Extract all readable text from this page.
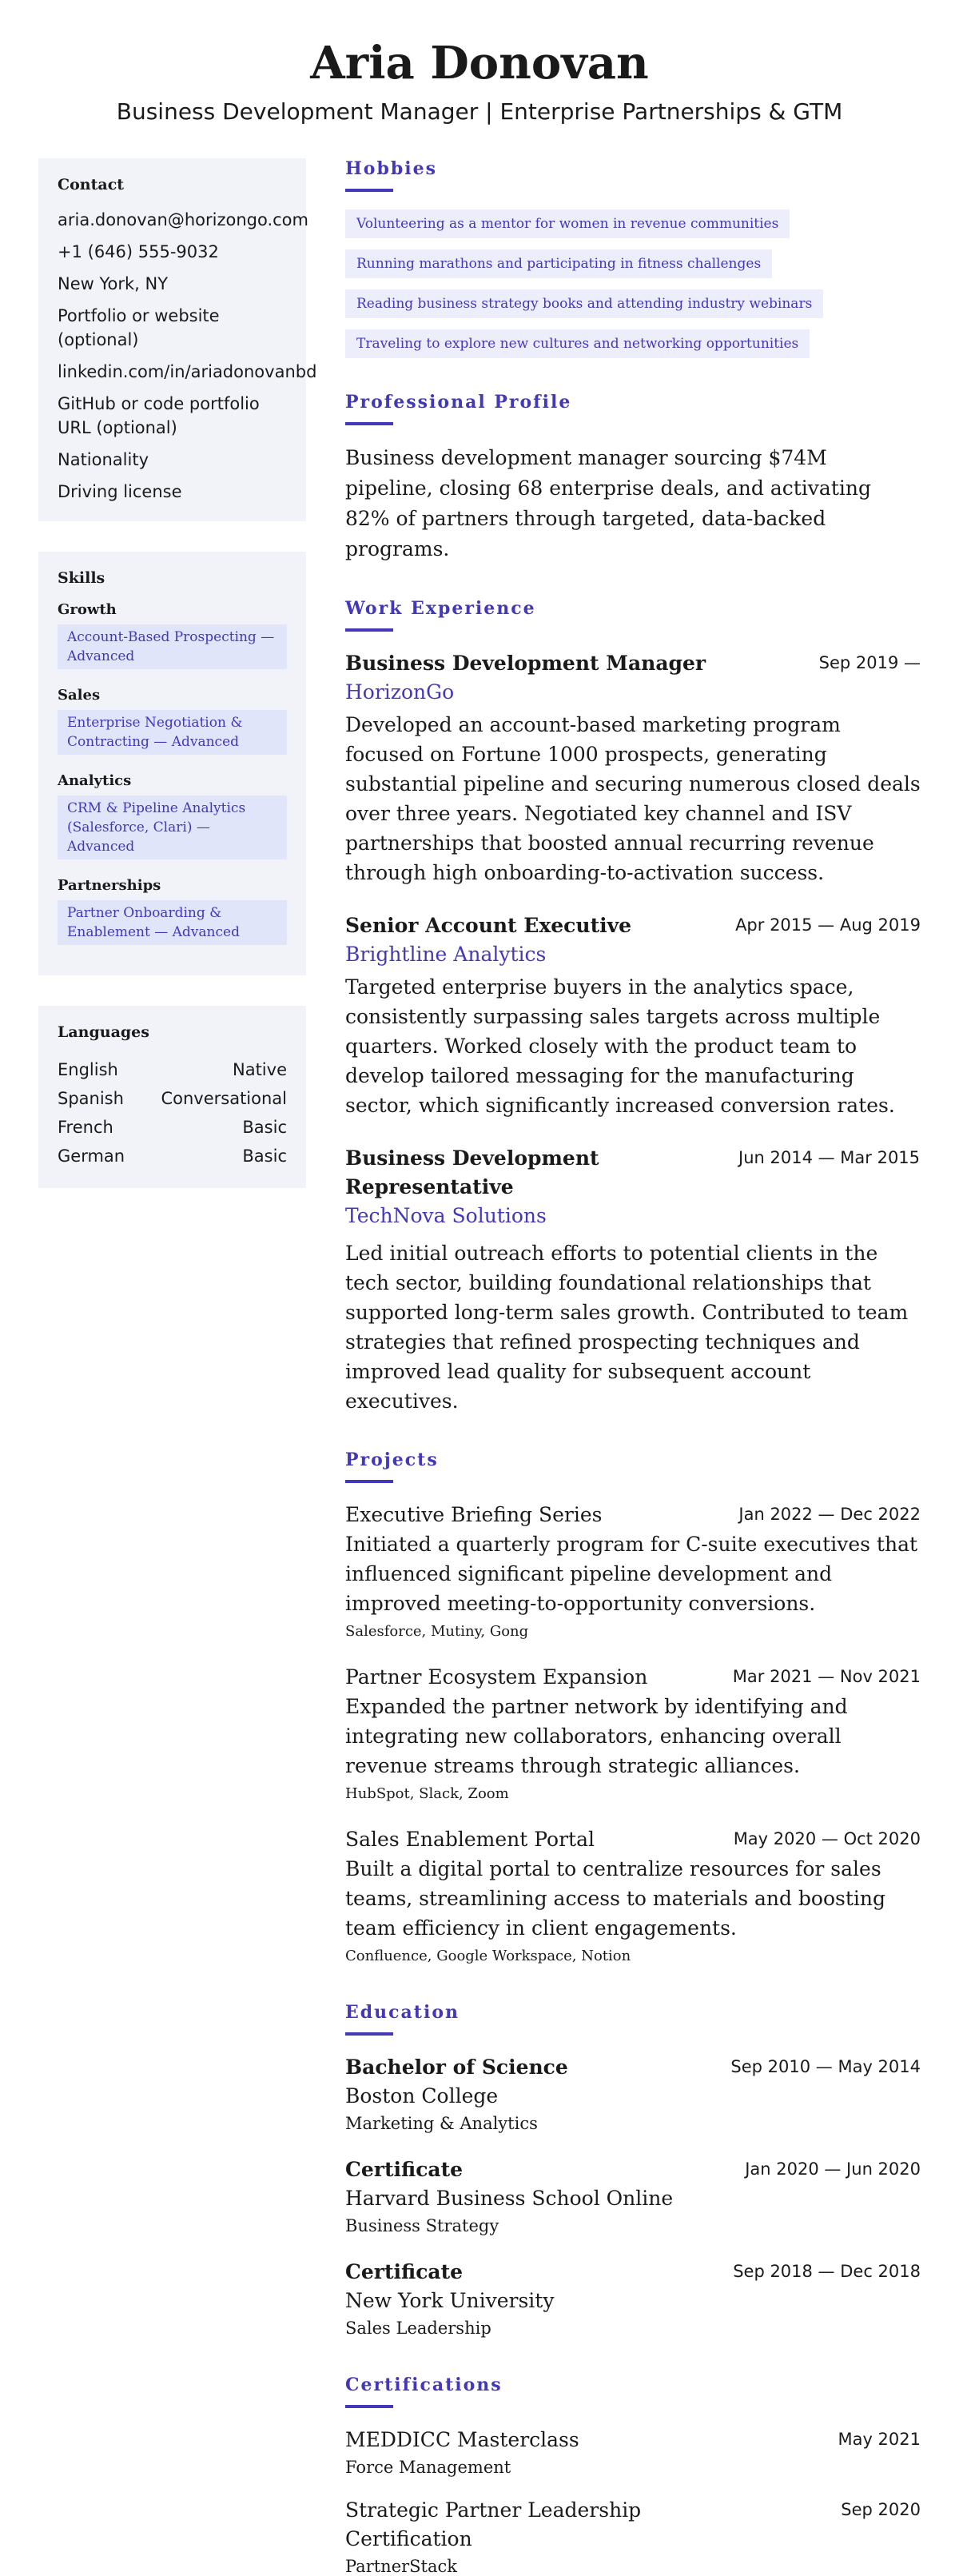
Aria Donovan
Business Development Manager | Enterprise Partnerships & GTM
Contact
aria.donovan@horizongo.com
+1 (646) 555-9032
New York, NY
Portfolio or website (optional)
linkedin.com/in/ariadonovanbd
GitHub or code portfolio URL (optional)
Nationality
Driving license
Skills
Growth
Account-Based Prospecting — Advanced
Sales
Enterprise Negotiation & Contracting — Advanced
Analytics
CRM & Pipeline Analytics (Salesforce, Clari) — Advanced
Partnerships
Partner Onboarding & Enablement — Advanced
Languages
English	Native
Spanish Conversational
French	Basic
German	Basic
Hobbies
Volunteering as a mentor for women in revenue communities
Running marathons and participating in fitness challenges
Reading business strategy books and attending industry webinars
Traveling to explore new cultures and networking opportunities
Professional Profile
Business development manager sourcing $74M pipeline, closing 68 enterprise deals, and activating 82% of partners through targeted, data-backed programs.
Work Experience
Business Development Manager	Sep 2019 —
HorizonGo
Developed an account-based marketing program focused on Fortune 1000 prospects, generating substantial pipeline and securing numerous closed deals over three years. Negotiated key channel and ISV partnerships that boosted annual recurring revenue through high onboarding-to-activation success.
Senior Account Executive	Apr 2015 — Aug 2019
Brightline Analytics
Targeted enterprise buyers in the analytics space, consistently surpassing sales targets across multiple quarters. Worked closely with the product team to develop tailored messaging for the manufacturing sector, which significantly increased conversion rates.
Business Development Representative
Jun 2014 — Mar 2015
TechNova Solutions
Led initial outreach efforts to potential clients in the tech sector, building foundational relationships that supported long-term sales growth. Contributed to team strategies that refined prospecting techniques and improved lead quality for subsequent account executives.
Projects
Executive Briefing Series	Jan 2022 — Dec 2022
Initiated a quarterly program for C-suite executives that influenced significant pipeline development and improved meeting-to-opportunity conversions.
Salesforce, Mutiny, Gong
Partner Ecosystem Expansion	Mar 2021 — Nov 2021
Expanded the partner network by identifying and integrating new collaborators, enhancing overall revenue streams through strategic alliances.
HubSpot, Slack, Zoom
Sales Enablement Portal	May 2020 — Oct 2020
Built a digital portal to centralize resources for sales teams, streamlining access to materials and boosting team efficiency in client engagements.
Confluence, Google Workspace, Notion
Education
Bachelor of Science	Sep 2010 — May 2014
Boston College
Marketing & Analytics
Certificate	Jan 2020 — Jun 2020
Harvard Business School Online
Business Strategy
Certificate	Sep 2018 — Dec 2018
New York University
Sales Leadership
Certifications
MEDDICC Masterclass	May 2021
Force Management
Strategic Partner Leadership Certification
Sep 2020
PartnerStack
